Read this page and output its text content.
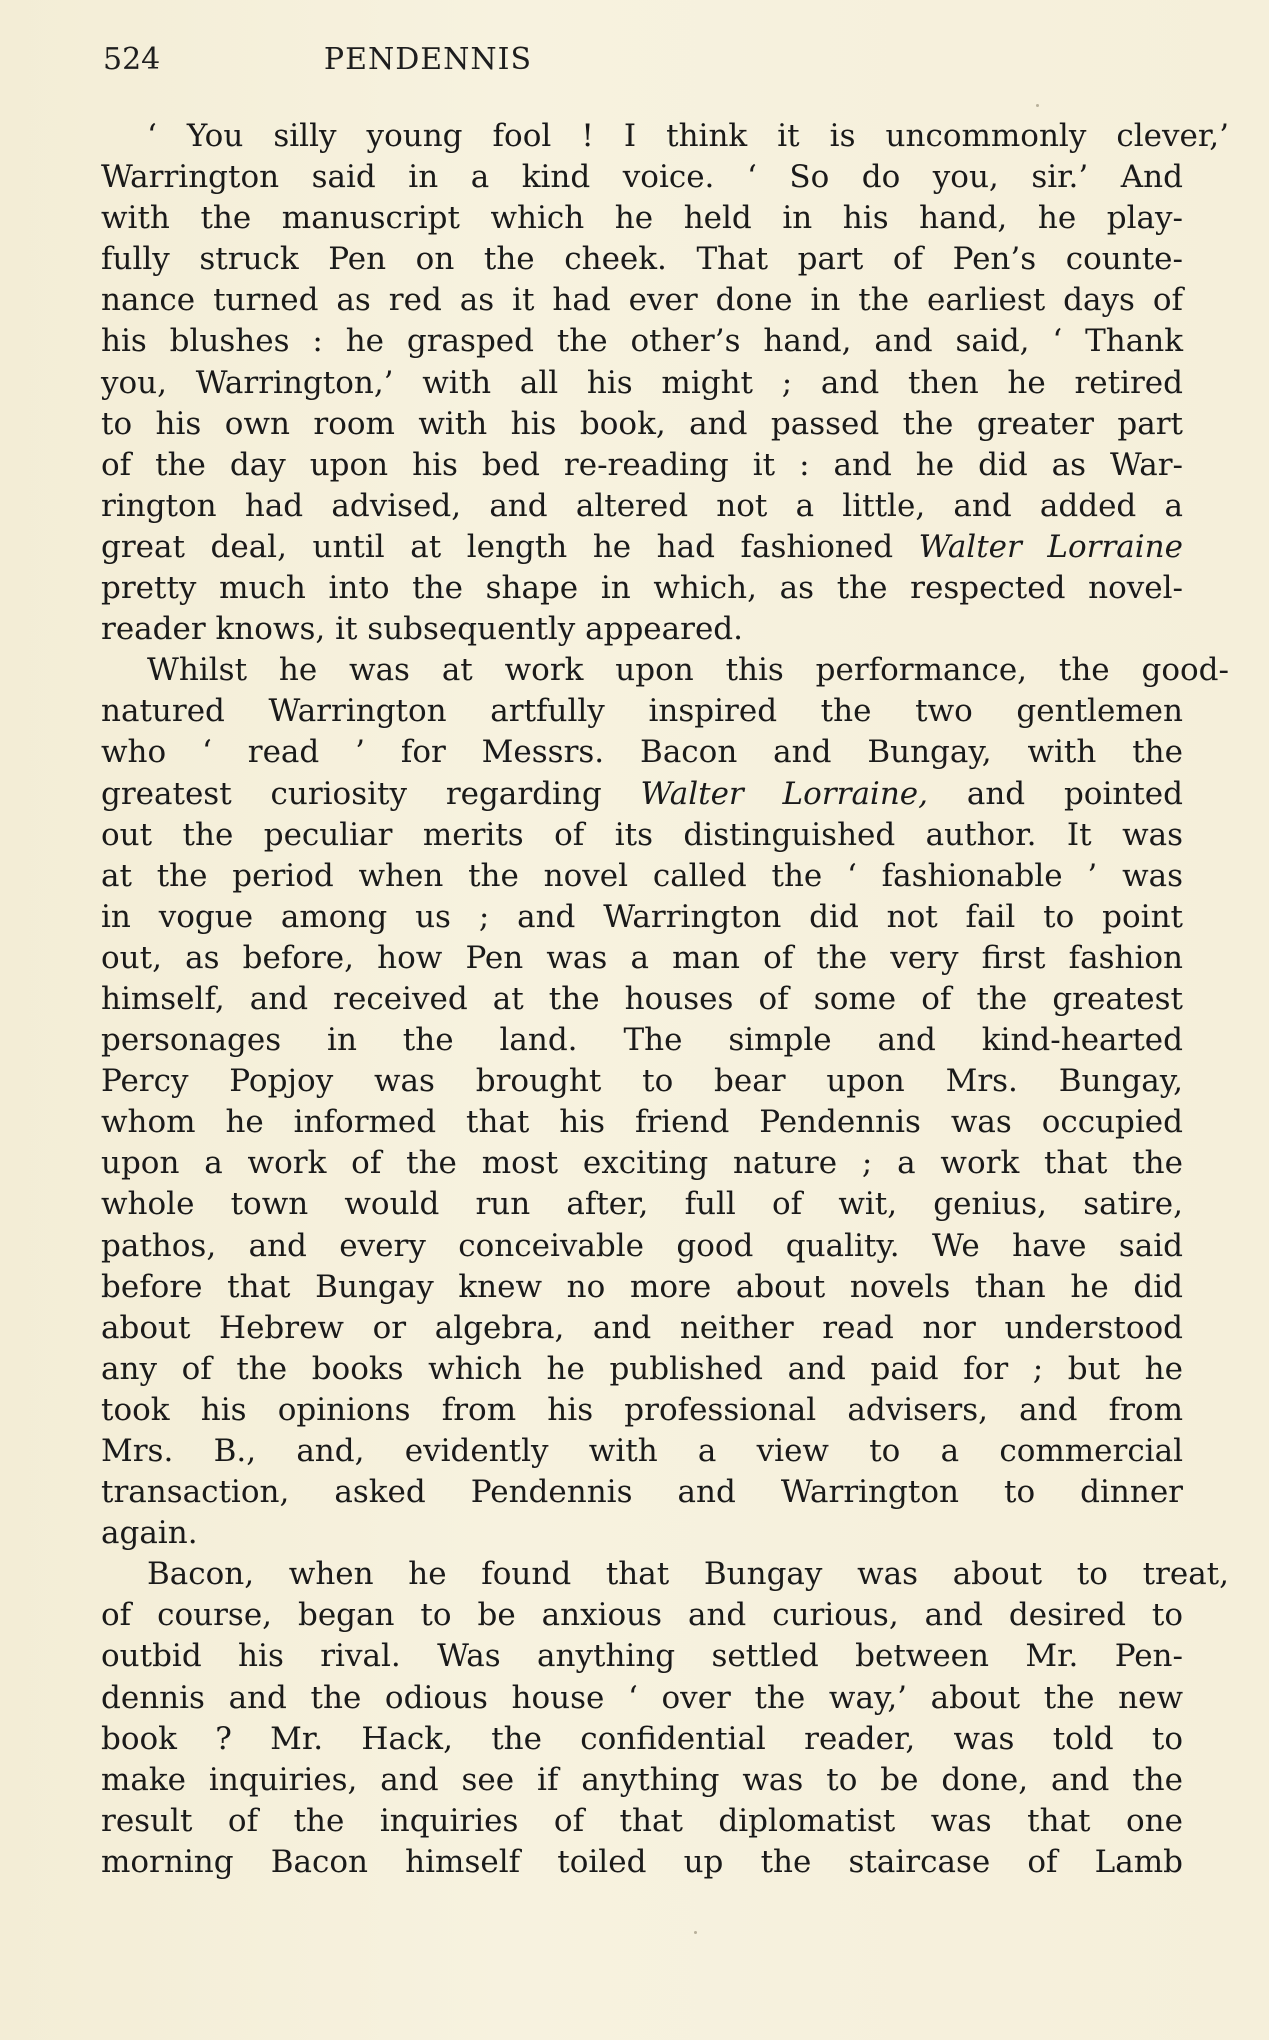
524	PENDENNIS
‘ You silly young fool ! I think it is uncommonly clever,’
Warrington said in a kind voice. ‘ So do you, sir.’ And
with the manuscript which he held in his hand, he play-
fully struck Pen on the cheek. That part of Pen’s counte-
nance turned as red as it had ever done in the earliest days of
his blushes : he grasped the other’s hand, and said, ‘ Thank
you, Warrington,’ with all his might ; and then he retired
to his own room with his book, and passed the greater part
of the day upon his bed re-reading it : and he did as War-
rington had advised, and altered not a little, and added a
great deal, until at length he had fashioned Walter Lorraine
pretty much into the shape in which, as the respected novel-
reader knows, it subsequently appeared.
Whilst he was at work upon this performance, the good-
natured Warrington artfully inspired the two gentlemen
who ‘ read ’ for Messrs. Bacon and Bungay, with the
greatest curiosity regarding Walter Lorraine, and pointed
out the peculiar merits of its distinguished author. It was
at the period when the novel called the ‘ fashionable ’ was
in vogue among us ; and Warrington did not fail to point
out, as before, how Pen was a man of the very first fashion
himself, and received at the houses of some of the greatest
personages in the land. The simple and kind-hearted
Percy Popjoy was brought to bear upon Mrs. Bungay,
whom he informed that his friend Pendennis was occupied
upon a work of the most exciting nature ; a work that the
whole town would run after, full of wit, genius, satire,
pathos, and every conceivable good quality. We have said
before that Bungay knew no more about novels than he did
about Hebrew or algebra, and neither read nor understood
any of the books which he published and paid for ; but he
took his opinions from his professional advisers, and from
Mrs. B., and, evidently with a view to a commercial
transaction, asked Pendennis and Warrington to dinner
again.
Bacon, when he found that Bungay was about to treat,
of course, began to be anxious and curious, and desired to
outbid his rival. Was anything settled between Mr. Pen-
dennis and the odious house ‘ over the way,’ about the new
book ? Mr. Hack, the confidential reader, was told to
make inquiries, and see if anything was to be done, and the
result of the inquiries of that diplomatist was that one
morning Bacon himself toiled up the staircase of Lamb
